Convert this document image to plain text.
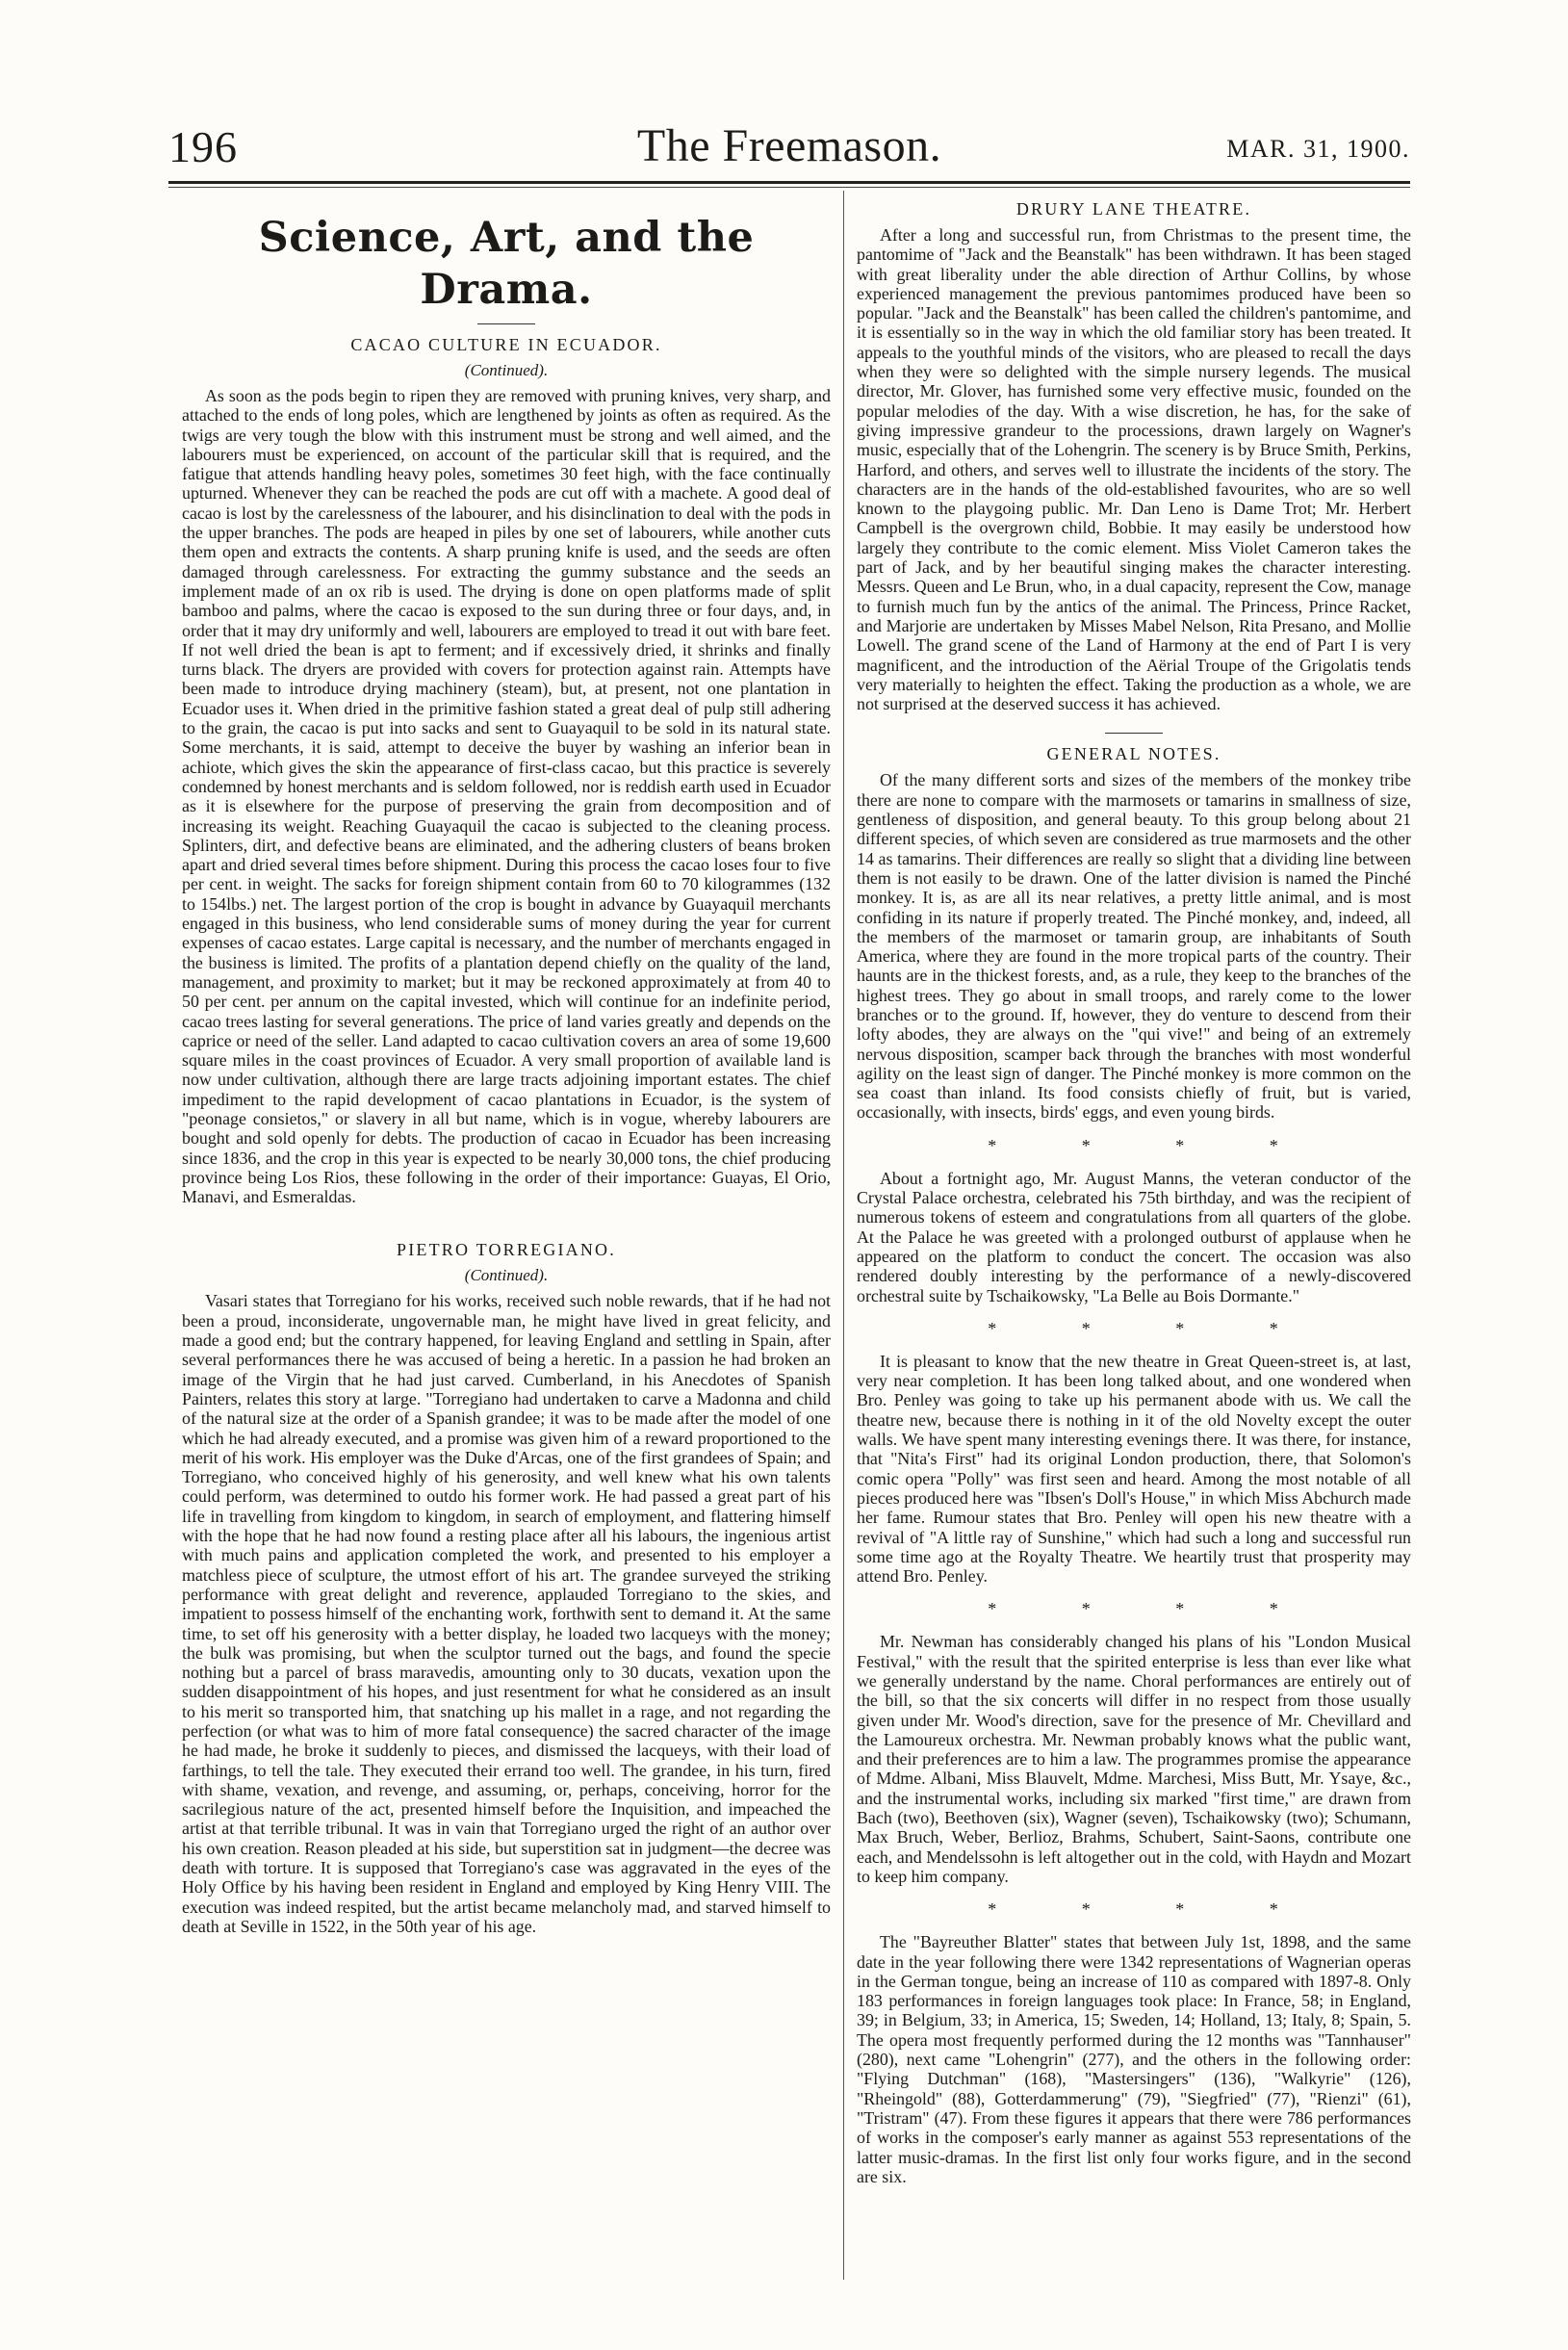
196	The Freemason.	MAR. 31, 1900.
Science, Art, and the Drama.
CACAO CULTURE IN ECUADOR.
(Continued).

As soon as the pods begin to ripen they are removed with pruning knives, very sharp, and attached to the ends of long poles, which are lengthened by joints as often as required. As the twigs are very tough the blow with this instrument must be strong and well aimed, and the labourers must be experienced, on account of the particular skill that is required, and the fatigue that attends handling heavy poles, sometimes 30 feet high, with the face continually upturned. Whenever they can be reached the pods are cut off with a machete. A good deal of cacao is lost by the carelessness of the labourer, and his disinclination to deal with the pods in the upper branches. The pods are heaped in piles by one set of labourers, while another cuts them open and extracts the contents. A sharp pruning knife is used, and the seeds are often damaged through carelessness. For extracting the gummy substance and the seeds an implement made of an ox rib is used. The drying is done on open platforms made of split bamboo and palms, where the cacao is exposed to the sun during three or four days, and, in order that it may dry uniformly and well, labourers are employed to tread it out with bare feet. If not well dried the bean is apt to ferment; and if excessively dried, it shrinks and finally turns black. The dryers are provided with covers for protection against rain. Attempts have been made to introduce drying machinery (steam), but, at present, not one plantation in Ecuador uses it. When dried in the primitive fashion stated a great deal of pulp still adhering to the grain, the cacao is put into sacks and sent to Guayaquil to be sold in its natural state. Some merchants, it is said, attempt to deceive the buyer by washing an inferior bean in achiote, which gives the skin the appearance of first-class cacao, but this practice is severely condemned by honest merchants and is seldom followed, nor is reddish earth used in Ecuador as it is elsewhere for the purpose of preserving the grain from decomposition and of increasing its weight. Reaching Guayaquil the cacao is subjected to the cleaning process. Splinters, dirt, and defective beans are eliminated, and the adhering clusters of beans broken apart and dried several times before shipment. During this process the cacao loses four to five per cent. in weight. The sacks for foreign shipment contain from 60 to 70 kilogrammes (132 to 154lbs.) net. The largest portion of the crop is bought in advance by Guayaquil merchants engaged in this business, who lend considerable sums of money during the year for current expenses of cacao estates. Large capital is necessary, and the number of merchants engaged in the business is limited. The profits of a plantation depend chiefly on the quality of the land, management, and proximity to market; but it may be reckoned approximately at from 40 to 50 per cent. per annum on the capital invested, which will continue for an indefinite period, cacao trees lasting for several generations. The price of land varies greatly and depends on the caprice or need of the seller. Land adapted to cacao cultivation covers an area of some 19,600 square miles in the coast provinces of Ecuador. A very small proportion of available land is now under cultivation, although there are large tracts adjoining important estates. The chief impediment to the rapid development of cacao plantations in Ecuador, is the system of "peonage consietos," or slavery in all but name, which is in vogue, whereby labourers are bought and sold openly for debts. The production of cacao in Ecuador has been increasing since 1836, and the crop in this year is expected to be nearly 30,000 tons, the chief producing province being Los Rios, these following in the order of their importance: Guayas, El Orio, Manavi, and Esmeraldas.

PIETRO TORREGIANO.
(Continued).

Vasari states that Torregiano for his works, received such noble rewards, that if he had not been a proud, inconsiderate, ungovernable man, he might have lived in great felicity, and made a good end; but the contrary happened, for leaving England and settling in Spain, after several performances there he was accused of being a heretic. In a passion he had broken an image of the Virgin that he had just carved. Cumberland, in his Anecdotes of Spanish Painters, relates this story at large. "Torregiano had undertaken to carve a Madonna and child of the natural size at the order of a Spanish grandee; it was to be made after the model of one which he had already executed, and a promise was given him of a reward proportioned to the merit of his work. His employer was the Duke d'Arcas, one of the first grandees of Spain; and Torregiano, who conceived highly of his generosity, and well knew what his own talents could perform, was determined to outdo his former work. He had passed a great part of his life in travelling from kingdom to kingdom, in search of employment, and flattering himself with the hope that he had now found a resting place after all his labours, the ingenious artist with much pains and application completed the work, and presented to his employer a matchless piece of sculpture, the utmost effort of his art. The grandee surveyed the striking performance with great delight and reverence, applauded Torregiano to the skies, and impatient to possess himself of the enchanting work, forthwith sent to demand it. At the same time, to set off his generosity with a better display, he loaded two lacqueys with the money; the bulk was promising, but when the sculptor turned out the bags, and found the specie nothing but a parcel of brass maravedis, amounting only to 30 ducats, vexation upon the sudden disappointment of his hopes, and just resentment for what he considered as an insult to his merit so transported him, that snatching up his mallet in a rage, and not regarding the perfection (or what was to him of more fatal consequence) the sacred character of the image he had made, he broke it suddenly to pieces, and dismissed the lacqueys, with their load of farthings, to tell the tale. They executed their errand too well. The grandee, in his turn, fired with shame, vexation, and revenge, and assuming, or, perhaps, conceiving, horror for the sacrilegious nature of the act, presented himself before the Inquisition, and impeached the artist at that terrible tribunal. It was in vain that Torregiano urged the right of an author over his own creation. Reason pleaded at his side, but superstition sat in judgment—the decree was death with torture. It is supposed that Torregiano's case was aggravated in the eyes of the Holy Office by his having been resident in England and employed by King Henry VIII. The execution was indeed respited, but the artist became melancholy mad, and starved himself to death at Seville in 1522, in the 50th year of his age.

DRURY LANE THEATRE.

After a long and successful run, from Christmas to the present time, the pantomime of "Jack and the Beanstalk" has been withdrawn. It has been staged with great liberality under the able direction of Arthur Collins, by whose experienced management the previous pantomimes produced have been so popular. "Jack and the Beanstalk" has been called the children's pantomime, and it is essentially so in the way in which the old familiar story has been treated. It appeals to the youthful minds of the visitors, who are pleased to recall the days when they were so delighted with the simple nursery legends. The musical director, Mr. Glover, has furnished some very effective music, founded on the popular melodies of the day. With a wise discretion, he has, for the sake of giving impressive grandeur to the processions, drawn largely on Wagner's music, especially that of the Lohengrin. The scenery is by Bruce Smith, Perkins, Harford, and others, and serves well to illustrate the incidents of the story. The characters are in the hands of the old-established favourites, who are so well known to the playgoing public. Mr. Dan Leno is Dame Trot; Mr. Herbert Campbell is the overgrown child, Bobbie. It may easily be understood how largely they contribute to the comic element. Miss Violet Cameron takes the part of Jack, and by her beautiful singing makes the character interesting. Messrs. Queen and Le Brun, who, in a dual capacity, represent the Cow, manage to furnish much fun by the antics of the animal. The Princess, Prince Racket, and Marjorie are undertaken by Misses Mabel Nelson, Rita Presano, and Mollie Lowell. The grand scene of the Land of Harmony at the end of Part I is very magnificent, and the introduction of the Aërial Troupe of the Grigolatis tends very materially to heighten the effect. Taking the production as a whole, we are not surprised at the deserved success it has achieved.

GENERAL NOTES.

Of the many different sorts and sizes of the members of the monkey tribe there are none to compare with the marmosets or tamarins in smallness of size, gentleness of disposition, and general beauty. To this group belong about 21 different species, of which seven are considered as true marmosets and the other 14 as tamarins. Their differences are really so slight that a dividing line between them is not easily to be drawn. One of the latter division is named the Pinché monkey. It is, as are all its near relatives, a pretty little animal, and is most confiding in its nature if properly treated. The Pinché monkey, and, indeed, all the members of the marmoset or tamarin group, are inhabitants of South America, where they are found in the more tropical parts of the country. Their haunts are in the thickest forests, and, as a rule, they keep to the branches of the highest trees. They go about in small troops, and rarely come to the lower branches or to the ground. If, however, they do venture to descend from their lofty abodes, they are always on the "qui vive!" and being of an extremely nervous disposition, scamper back through the branches with most wonderful agility on the least sign of danger. The Pinché monkey is more common on the sea coast than inland. Its food consists chiefly of fruit, but is varied, occasionally, with insects, birds' eggs, and even young birds.

* * * *

About a fortnight ago, Mr. August Manns, the veteran conductor of the Crystal Palace orchestra, celebrated his 75th birthday, and was the recipient of numerous tokens of esteem and congratulations from all quarters of the globe. At the Palace he was greeted with a prolonged outburst of applause when he appeared on the platform to conduct the concert. The occasion was also rendered doubly interesting by the performance of a newly-discovered orchestral suite by Tschaikowsky, "La Belle au Bois Dormante."

* * * *

It is pleasant to know that the new theatre in Great Queen-street is, at last, very near completion. It has been long talked about, and one wondered when Bro. Penley was going to take up his permanent abode with us. We call the theatre new, because there is nothing in it of the old Novelty except the outer walls. We have spent many interesting evenings there. It was there, for instance, that "Nita's First" had its original London production, there, that Solomon's comic opera "Polly" was first seen and heard. Among the most notable of all pieces produced here was "Ibsen's Doll's House," in which Miss Abchurch made her fame. Rumour states that Bro. Penley will open his new theatre with a revival of "A little ray of Sunshine," which had such a long and successful run some time ago at the Royalty Theatre. We heartily trust that prosperity may attend Bro. Penley.

* * * *

Mr. Newman has considerably changed his plans of his "London Musical Festival," with the result that the spirited enterprise is less than ever like what we generally understand by the name. Choral performances are entirely out of the bill, so that the six concerts will differ in no respect from those usually given under Mr. Wood's direction, save for the presence of Mr. Chevillard and the Lamoureux orchestra. Mr. Newman probably knows what the public want, and their preferences are to him a law. The programmes promise the appearance of Mdme. Albani, Miss Blauvelt, Mdme. Marchesi, Miss Butt, Mr. Ysaye, &c., and the instrumental works, including six marked "first time," are drawn from Bach (two), Beethoven (six), Wagner (seven), Tschaikowsky (two); Schumann, Max Bruch, Weber, Berlioz, Brahms, Schubert, Saint-Saons, contribute one each, and Mendelssohn is left altogether out in the cold, with Haydn and Mozart to keep him company.

* * * *

The "Bayreuther Blatter" states that between July 1st, 1898, and the same date in the year following there were 1342 representations of Wagnerian operas in the German tongue, being an increase of 110 as compared with 1897-8. Only 183 performances in foreign languages took place: In France, 58; in England, 39; in Belgium, 33; in America, 15; Sweden, 14; Holland, 13; Italy, 8; Spain, 5. The opera most frequently performed during the 12 months was "Tannhauser" (280), next came "Lohengrin" (277), and the others in the following order: "Flying Dutchman" (168), "Mastersingers" (136), "Walkyrie" (126), "Rheingold" (88), Gotterdammerung" (79), "Siegfried" (77), "Rienzi" (61), "Tristram" (47). From these figures it appears that there were 786 performances of works in the composer's early manner as against 553 representations of the latter music-dramas. In the first list only four works figure, and in the second are six.
